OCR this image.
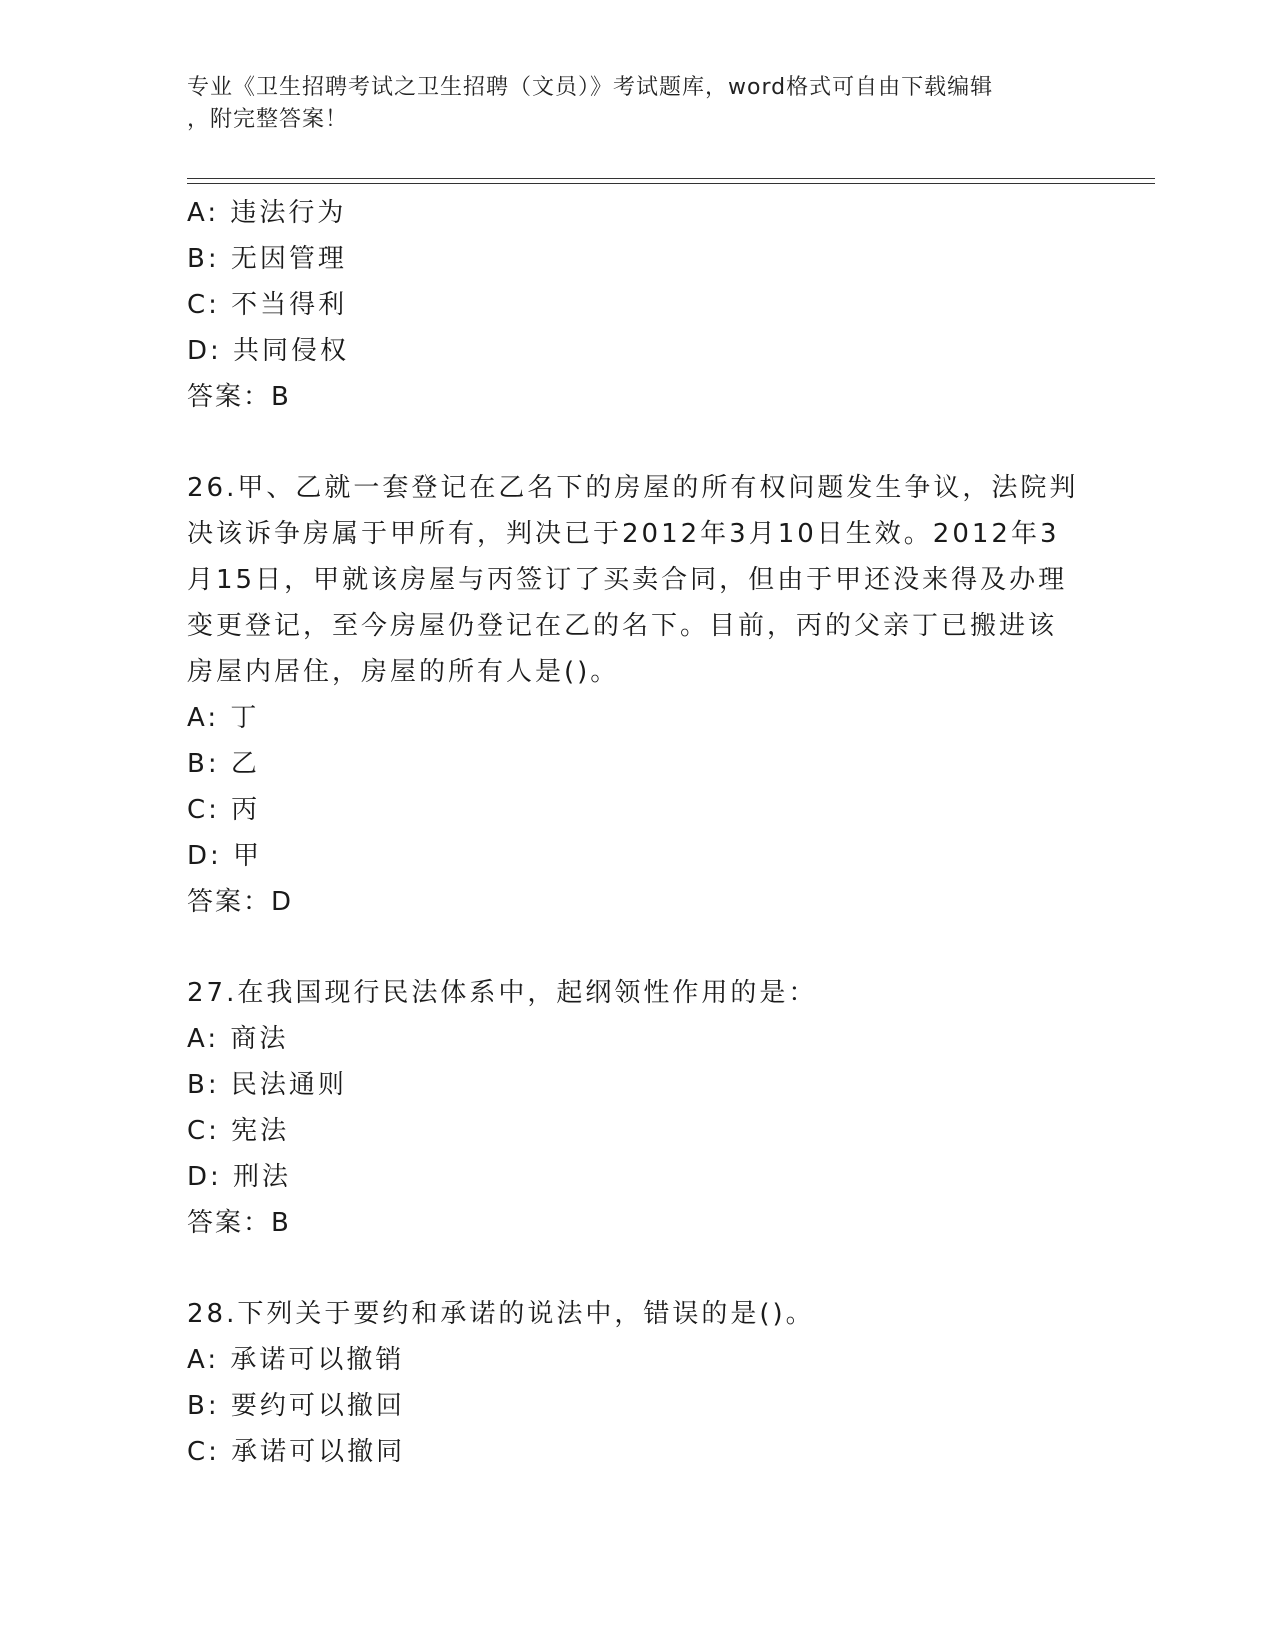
专业《卫生招聘考试之卫生招聘（文员）》考试题库，word格式可自由下载编辑
，附完整答案！
A: 违法行为
B: 无因管理
C: 不当得利
D: 共同侵权
答案：B
26.甲、乙就一套登记在乙名下的房屋的所有权问题发生争议，法院判
决该诉争房属于甲所有，判决已于2012年3月10日生效。2012年3
月15日，甲就该房屋与丙签订了买卖合同，但由于甲还没来得及办理
变更登记，至今房屋仍登记在乙的名下。目前，丙的父亲丁已搬进该
房屋内居住，房屋的所有人是()。
A: 丁
B: 乙
C: 丙
D: 甲
答案：D
27.在我国现行民法体系中，起纲领性作用的是：
A: 商法
B: 民法通则
C: 宪法
D: 刑法
答案：B
28.下列关于要约和承诺的说法中，错误的是()。
A: 承诺可以撤销
B: 要约可以撤回
C: 承诺可以撤同
